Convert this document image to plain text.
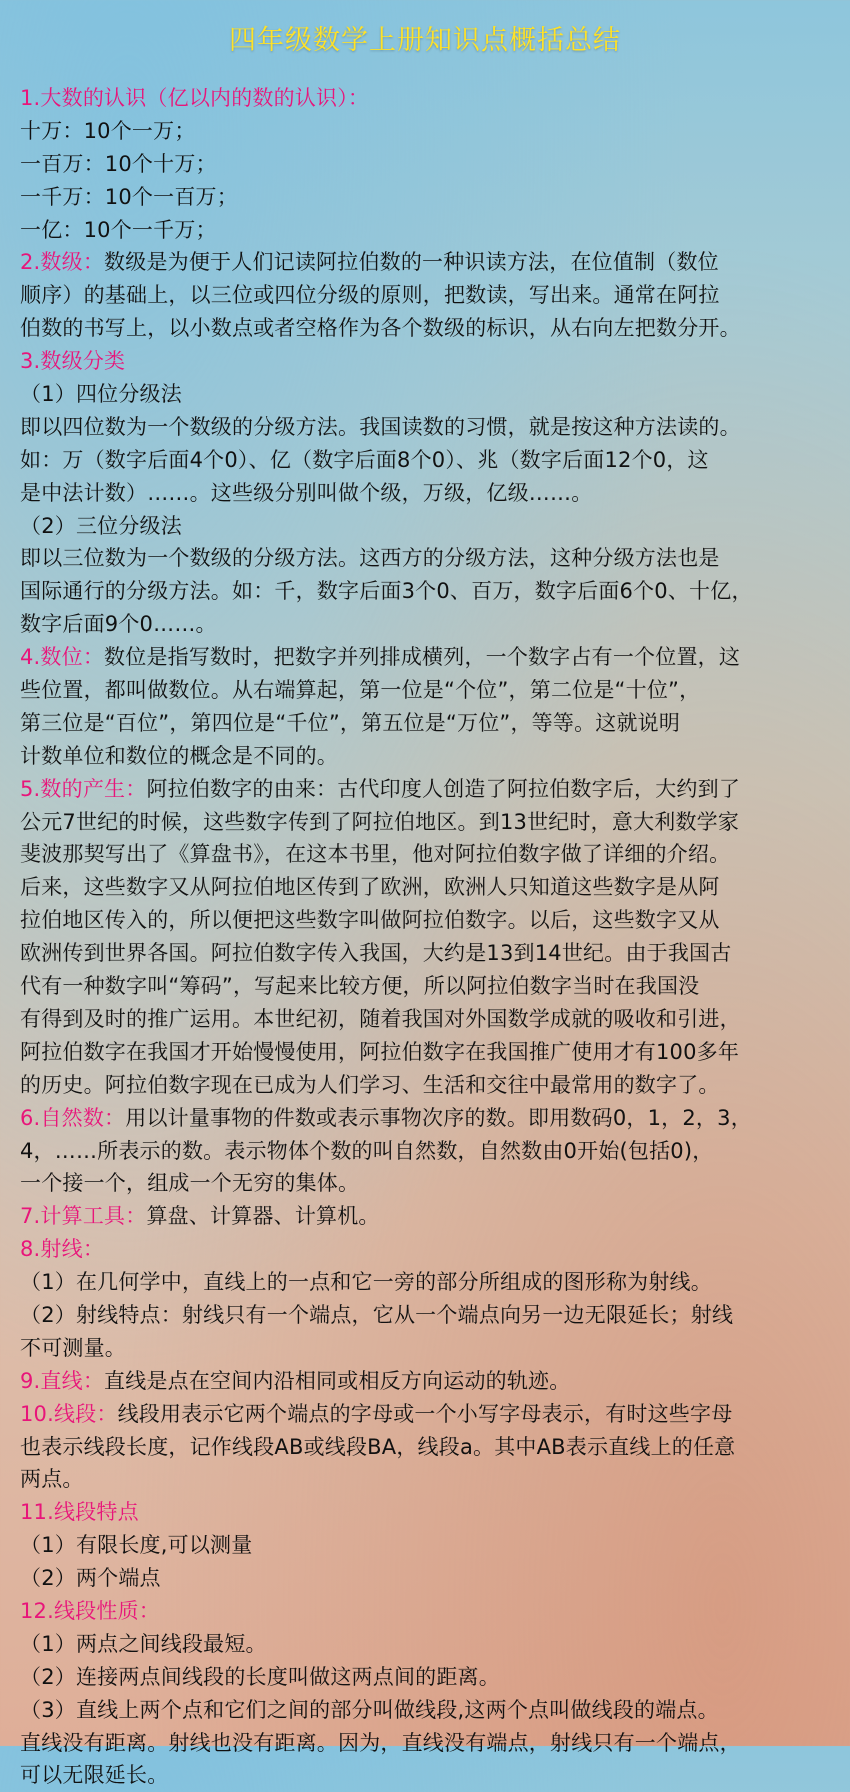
四年级数学上册知识点概括总结
1.大数的认识（亿以内的数的认识）：
十万：10个一万；
一百万：10个十万；
一千万：10个一百万；
一亿：10个一千万；
2.数级：数级是为便于人们记读阿拉伯数的一种识读方法，在位值制（数位
顺序）的基础上，以三位或四位分级的原则，把数读，写出来。通常在阿拉
伯数的书写上，以小数点或者空格作为各个数级的标识，从右向左把数分开。
3.数级分类
（1）四位分级法
即以四位数为一个数级的分级方法。我国读数的习惯，就是按这种方法读的。
如：万（数字后面4个0）、亿（数字后面8个0）、兆（数字后面12个0，这
是中法计数）……。这些级分别叫做个级，万级，亿级……。
（2）三位分级法
即以三位数为一个数级的分级方法。这西方的分级方法，这种分级方法也是
国际通行的分级方法。如：千，数字后面3个0、百万，数字后面6个0、十亿，
数字后面9个0……。
4.数位：数位是指写数时，把数字并列排成横列，一个数字占有一个位置，这
些位置，都叫做数位。从右端算起，第一位是“个位”，第二位是“十位”，
第三位是“百位”，第四位是“千位”，第五位是“万位”，等等。这就说明
计数单位和数位的概念是不同的。
5.数的产生：阿拉伯数字的由来：古代印度人创造了阿拉伯数字后，大约到了
公元7世纪的时候，这些数字传到了阿拉伯地区。到13世纪时，意大利数学家
斐波那契写出了《算盘书》，在这本书里，他对阿拉伯数字做了详细的介绍。
后来，这些数字又从阿拉伯地区传到了欧洲，欧洲人只知道这些数字是从阿
拉伯地区传入的，所以便把这些数字叫做阿拉伯数字。以后，这些数字又从
欧洲传到世界各国。阿拉伯数字传入我国，大约是13到14世纪。由于我国古
代有一种数字叫“筹码”，写起来比较方便，所以阿拉伯数字当时在我国没
有得到及时的推广运用。本世纪初，随着我国对外国数学成就的吸收和引进，
阿拉伯数字在我国才开始慢慢使用，阿拉伯数字在我国推广使用才有100多年
的历史。阿拉伯数字现在已成为人们学习、生活和交往中最常用的数字了。
6.自然数：用以计量事物的件数或表示事物次序的数。即用数码0，1，2，3，
4，……所表示的数。表示物体个数的叫自然数，自然数由0开始(包括0)，
一个接一个，组成一个无穷的集体。
7.计算工具：算盘、计算器、计算机。
8.射线：
（1）在几何学中，直线上的一点和它一旁的部分所组成的图形称为射线。
（2）射线特点：射线只有一个端点，它从一个端点向另一边无限延长；射线
不可测量。
9.直线：直线是点在空间内沿相同或相反方向运动的轨迹。
10.线段：线段用表示它两个端点的字母或一个小写字母表示，有时这些字母
也表示线段长度，记作线段AB或线段BA，线段a。其中AB表示直线上的任意
两点。
11.线段特点
（1）有限长度,可以测量
（2）两个端点
12.线段性质：
（1）两点之间线段最短。
（2）连接两点间线段的长度叫做这两点间的距离。
（3）直线上两个点和它们之间的部分叫做线段,这两个点叫做线段的端点。
直线没有距离。射线也没有距离。因为，直线没有端点，射线只有一个端点，
可以无限延长。
